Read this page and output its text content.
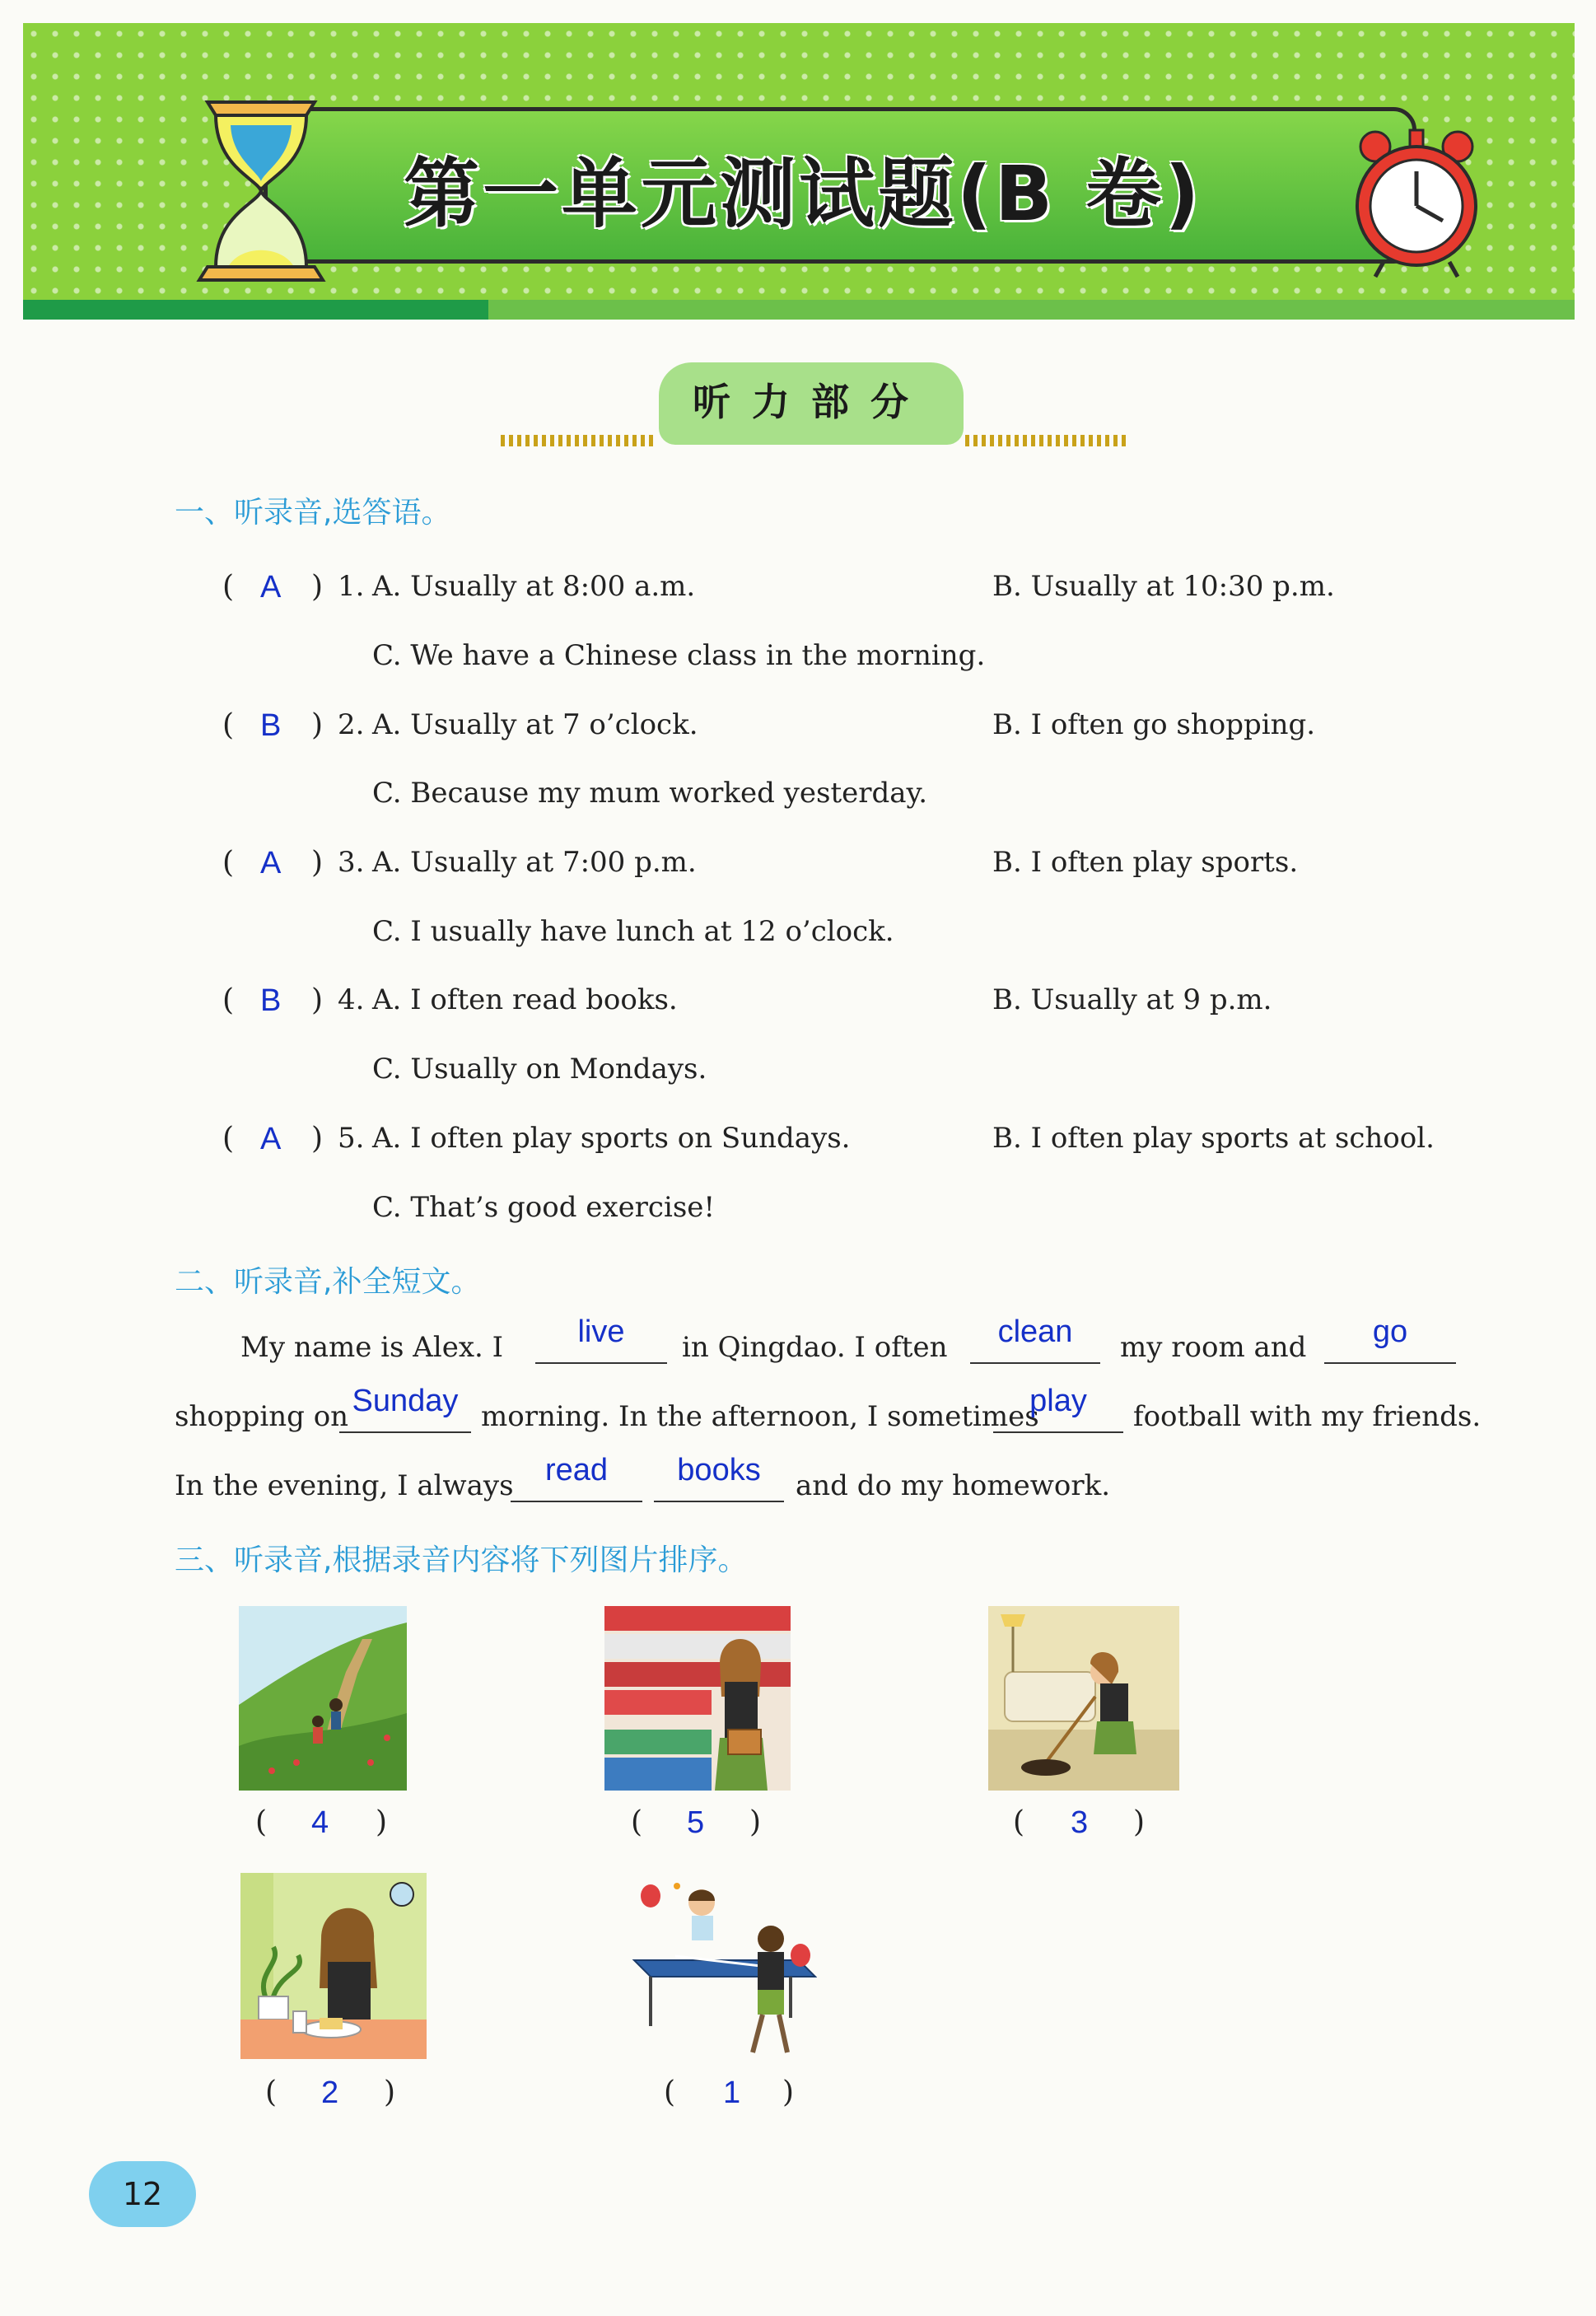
第一单元测试题(B 卷)
听力部分
一、听录音,选答语。
( A ) 1. A. Usually at 8:00 a.m.	B. Usually at 10:30 p.m.
C. We have a Chinese class in the morning.
( B ) 2. A. Usually at 7 o’clock.	B. I often go shopping.
C. Because my mum worked yesterday.
( A ) 3. A. Usually at 7:00 p.m.	B. I often play sports.
C. I usually have lunch at 12 o’clock.
( B ) 4. A. I often read books.	B. Usually at 9 p.m.
C. Usually on Mondays.
( A ) 5. A. I often play sports on Sundays.	B. I often play sports at school.
C. That’s good exercise!
二、听录音,补全短文。
My name is Alex. I	live	in Qingdao. I often	clean	my room and	go
shopping on Sunday morning. In the afternoon, I sometimes
play	football with my friends.
In the evening, I always	read	books	and do my homework.
三、听录音,根据录音内容将下列图片排序。
( 4 )	( 5 )	( 3 )
( 2 )	( 1 )
12
